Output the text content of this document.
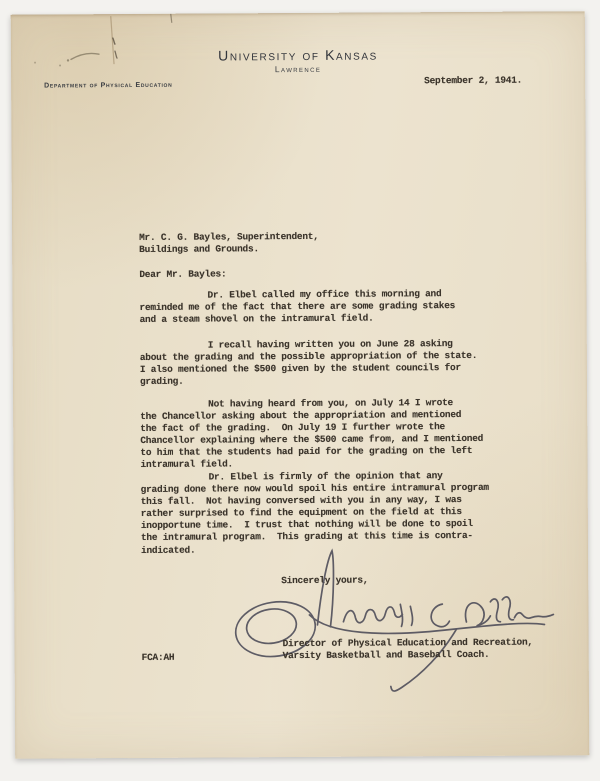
University of Kansas
Lawrence
Department of Physical Education	September 2, 1941.
Mr. C. G. Bayles, Superintendent,
Buildings and Grounds.
Dear Mr. Bayles:
Dr. Elbel called my office this morning and
reminded me of the fact that there are some grading stakes
and a steam shovel on the intramural field.
I recall having written you on June 28 asking
about the grading and the possible appropriation of the state.
I also mentioned the $500 given by the student councils for
grading.
Not having heard from you, on July 14 I wrote
the Chancellor asking about the appropriation and mentioned
the fact of the grading.  On July 19 I further wrote the
Chancellor explaining where the $500 came from, and I mentioned
to him that the students had paid for the grading on the left
intramural field.
Dr. Elbel is firmly of the opinion that any
grading done there now would spoil his entire intramural program
this fall.  Not having conversed with you in any way, I was
rather surprised to find the equipment on the field at this
inopportune time.  I trust that nothing will be done to spoil
the intramural program.  This grading at this time is contra-
indicated.
Sincerely yours,
Director of Physical Education and Recreation,
Varsity Basketball and Baseball Coach.
FCA:AH
